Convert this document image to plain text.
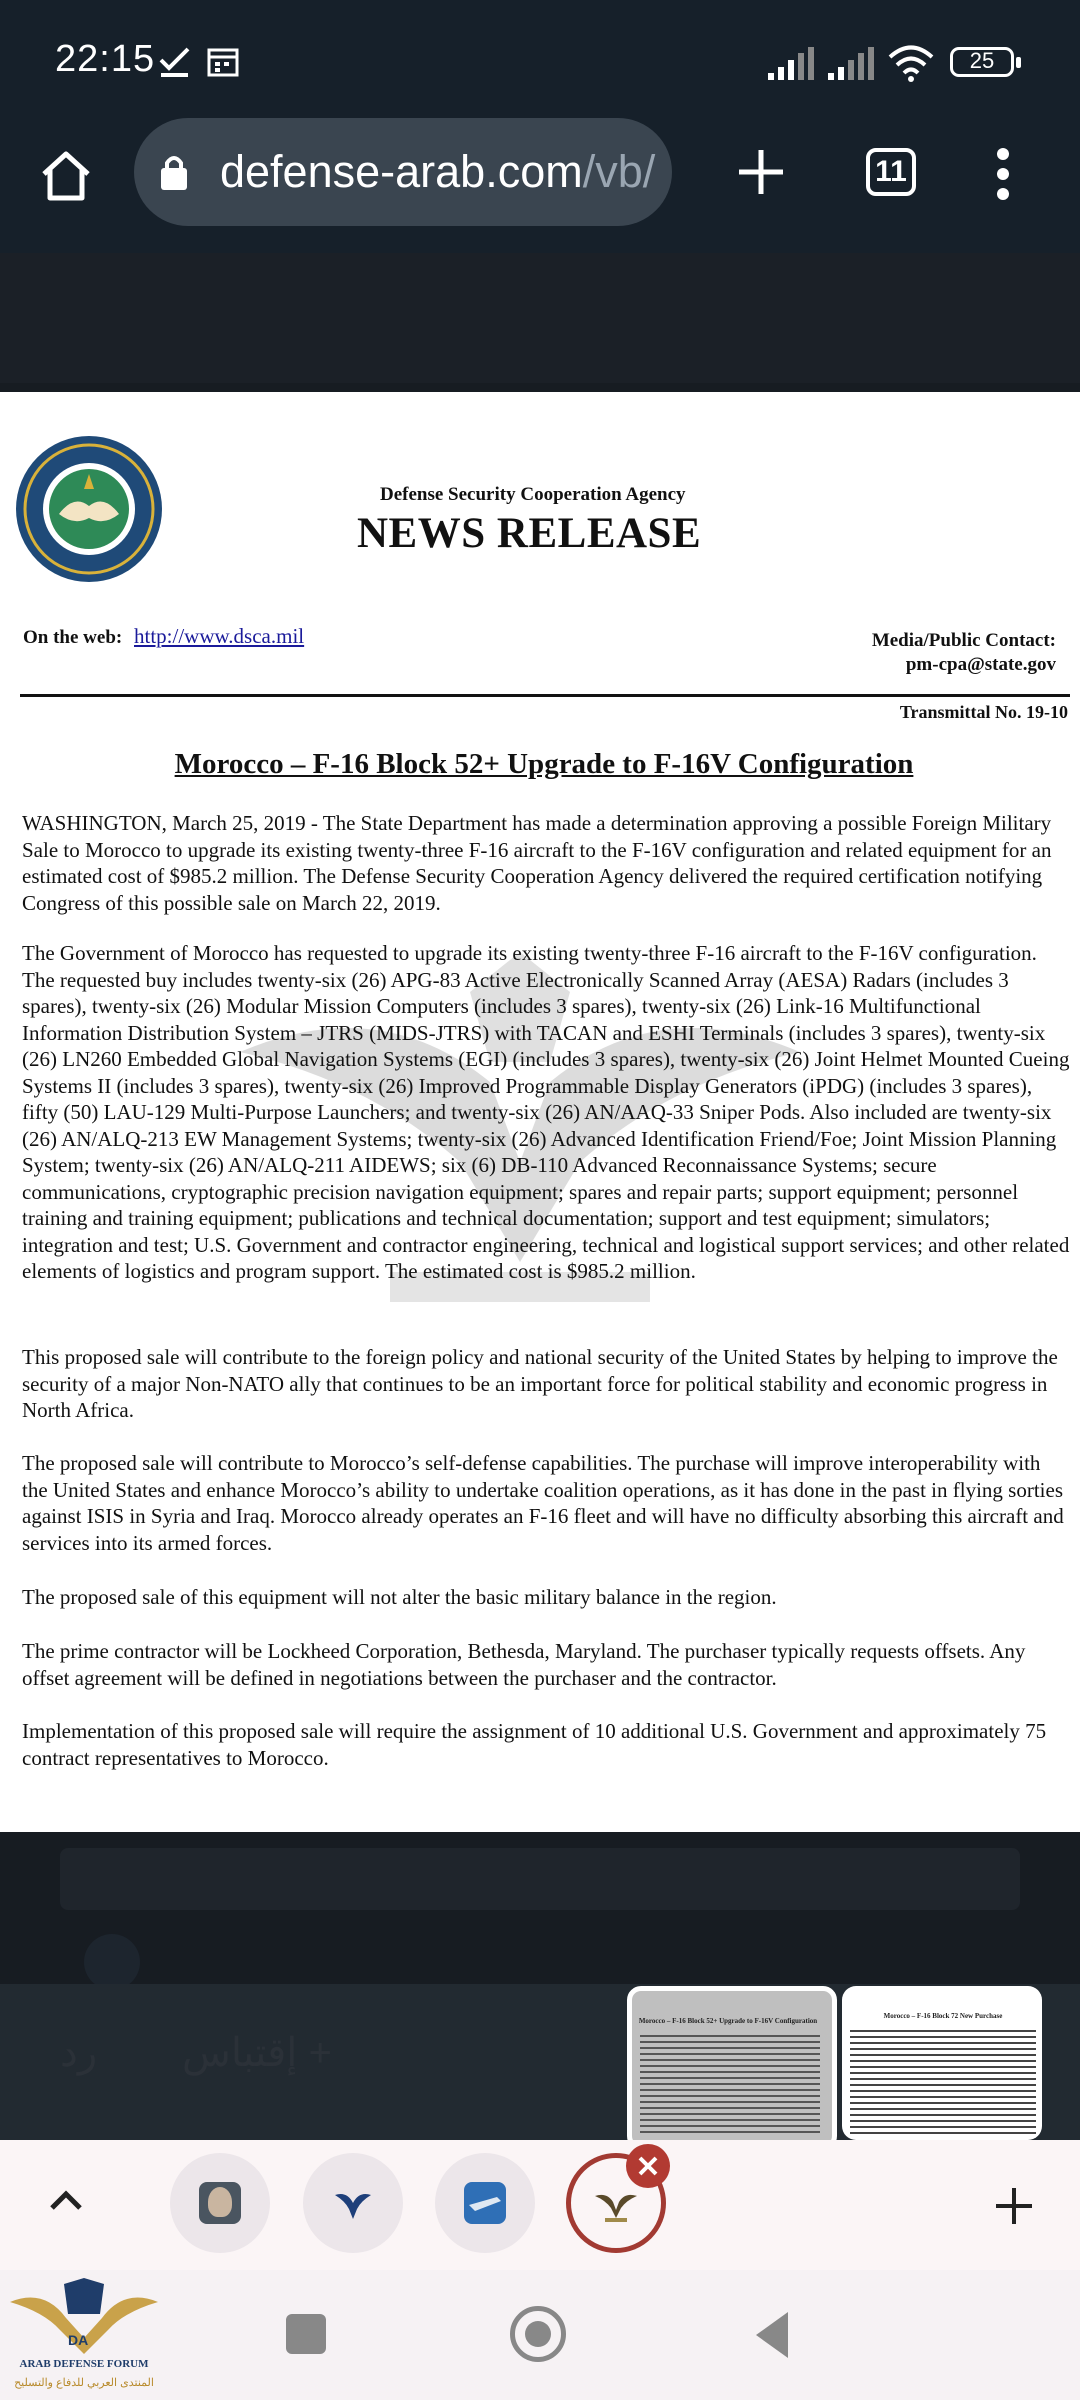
22:15	25
defense-arab.com/vb/	11
+ إقتباس
رد
Defense Security Cooperation Agency
NEWS RELEASE
On the web: http://www.dsca.mil	Media/Public Contact:
pm-cpa@state.gov
Transmittal No. 19-10
Morocco – F-16 Block 52+ Upgrade to F-16V Configuration
WASHINGTON, March 25, 2019 - The State Department has made a determination approving a possible Foreign Military Sale to Morocco to upgrade its existing twenty-three F-16 aircraft to the F-16V configuration and related equipment for an estimated cost of $985.2 million. The Defense Security Cooperation Agency delivered the required certification notifying Congress of this possible sale on March 22, 2019.
The Government of Morocco has requested to upgrade its existing twenty-three F-16 aircraft to the F-16V configuration. The requested buy includes twenty-six (26) APG-83 Active Electronically Scanned Array (AESA) Radars (includes 3 spares), twenty-six (26) Modular Mission Computers (includes 3 spares), twenty-six (26) Link-16 Multifunctional Information Distribution System – JTRS (MIDS-JTRS) with TACAN and ESHI Terminals (includes 3 spares), twenty-six (26) LN260 Embedded Global Navigation Systems (EGI) (includes 3 spares), twenty-six (26) Joint Helmet Mounted Cueing Systems II (includes 3 spares), twenty-six (26) Improved Programmable Display Generators (iPDG) (includes 3 spares), fifty (50) LAU-129 Multi-Purpose Launchers; and twenty-six (26) AN/AAQ-33 Sniper Pods. Also included are twenty-six (26) AN/ALQ-213 EW Management Systems; twenty-six (26) Advanced Identification Friend/Foe; Joint Mission Planning System; twenty-six (26) AN/ALQ-211 AIDEWS; six (6) DB-110 Advanced Reconnaissance Systems; secure communications, cryptographic precision navigation equipment; spares and repair parts; support equipment; personnel training and training equipment; publications and technical documentation; support and test equipment; simulators; integration and test; U.S. Government and contractor engineering, technical and logistical support services; and other related elements of logistics and program support. The estimated cost is $985.2 million.
This proposed sale will contribute to the foreign policy and national security of the United States by helping to improve the security of a major Non-NATO ally that continues to be an important force for political stability and economic progress in North Africa.
The proposed sale will contribute to Morocco’s self-defense capabilities. The purchase will improve interoperability with the United States and enhance Morocco’s ability to undertake coalition operations, as it has done in the past in flying sorties against ISIS in Syria and Iraq. Morocco already operates an F-16 fleet and will have no difficulty absorbing this aircraft and services into its armed forces.
The proposed sale of this equipment will not alter the basic military balance in the region.
The prime contractor will be Lockheed Corporation, Bethesda, Maryland. The purchaser typically requests offsets. Any offset agreement will be defined in negotiations between the purchaser and the contractor.
Implementation of this proposed sale will require the assignment of 10 additional U.S. Government and approximately 75 contract representatives to Morocco.
Morocco – F-16 Block 52+ Upgrade to F-16V Configuration
Morocco – F-16 Block 72 New Purchase
DA
ARAB DEFENSE FORUM
المنتدى العربي للدفاع والتسليح
